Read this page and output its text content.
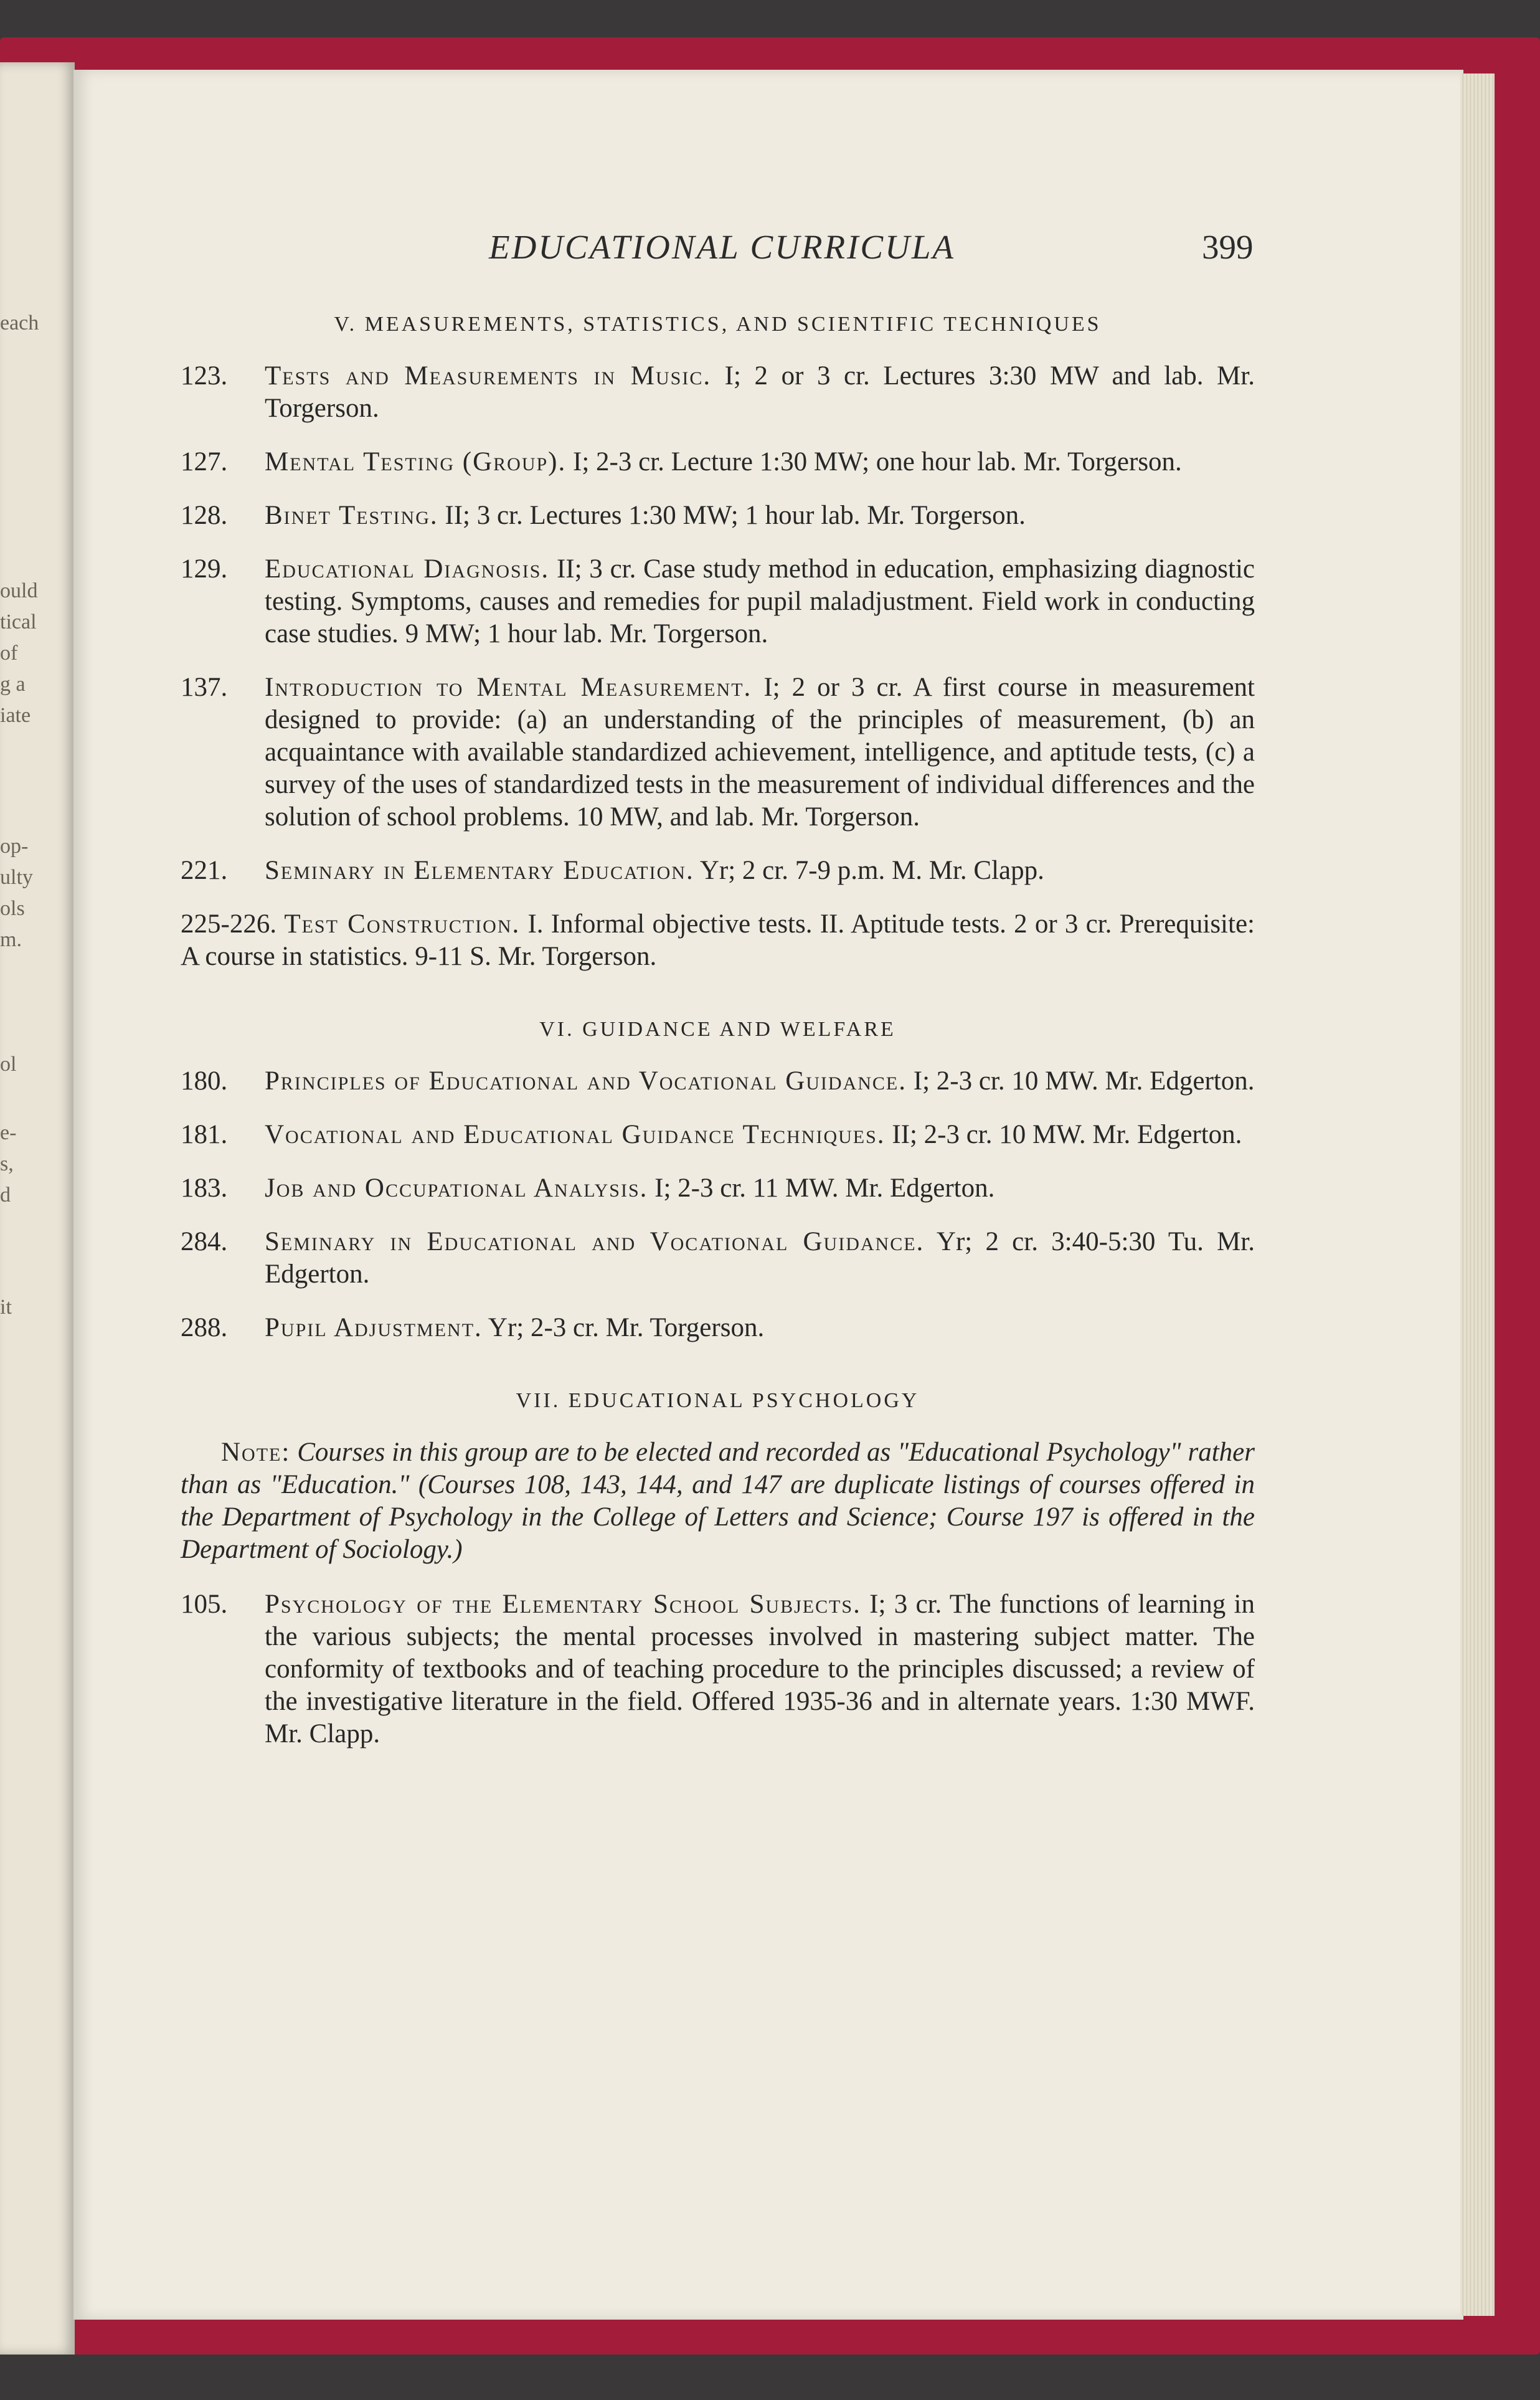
each
ould
tical
of
g a
iate
op-
ulty
ols
m.
ol
e-
s,
d
it
EDUCATIONAL CURRICULA	399
V. MEASUREMENTS, STATISTICS, AND SCIENTIFIC TECHNIQUES
123. Tests and Measurements in Music. I; 2 or 3 cr. Lectures 3:30 MW and lab. Mr. Torgerson.
127. Mental Testing (Group). I; 2-3 cr. Lecture 1:30 MW; one hour lab. Mr. Torgerson.
128. Binet Testing. II; 3 cr. Lectures 1:30 MW; 1 hour lab. Mr. Torgerson.
129. Educational Diagnosis. II; 3 cr. Case study method in education, emphasizing diagnostic testing. Symptoms, causes and remedies for pupil maladjustment. Field work in conducting case studies. 9 MW; 1 hour lab. Mr. Torgerson.
137. Introduction to Mental Measurement. I; 2 or 3 cr. A first course in measurement designed to provide: (a) an understanding of the principles of measurement, (b) an acquaintance with available standardized achievement, intelligence, and aptitude tests, (c) a survey of the uses of standardized tests in the measurement of individual differences and the solution of school problems. 10 MW, and lab. Mr. Torgerson.
221. Seminary in Elementary Education. Yr; 2 cr. 7-9 p.m. M. Mr. Clapp.
225-226. Test Construction. I. Informal objective tests. II. Aptitude tests. 2 or 3 cr. Prerequisite: A course in statistics. 9-11 S. Mr. Torgerson.
VI. GUIDANCE AND WELFARE
180. Principles of Educational and Vocational Guidance. I; 2-3 cr. 10 MW. Mr. Edgerton.
181. Vocational and Educational Guidance Techniques. II; 2-3 cr. 10 MW. Mr. Edgerton.
183. Job and Occupational Analysis. I; 2-3 cr. 11 MW. Mr. Edgerton.
284. Seminary in Educational and Vocational Guidance. Yr; 2 cr. 3:40-5:30 Tu. Mr. Edgerton.
288. Pupil Adjustment. Yr; 2-3 cr. Mr. Torgerson.
VII. EDUCATIONAL PSYCHOLOGY
Note: Courses in this group are to be elected and recorded as "Educational Psychology" rather than as "Education." (Courses 108, 143, 144, and 147 are duplicate listings of courses offered in the Department of Psychology in the College of Letters and Science; Course 197 is offered in the Department of Sociology.)
105. Psychology of the Elementary School Subjects. I; 3 cr. The functions of learning in the various subjects; the mental processes involved in mastering subject matter. The conformity of textbooks and of teaching procedure to the principles discussed; a review of the investigative literature in the field. Offered 1935-36 and in alternate years. 1:30 MWF. Mr. Clapp.
